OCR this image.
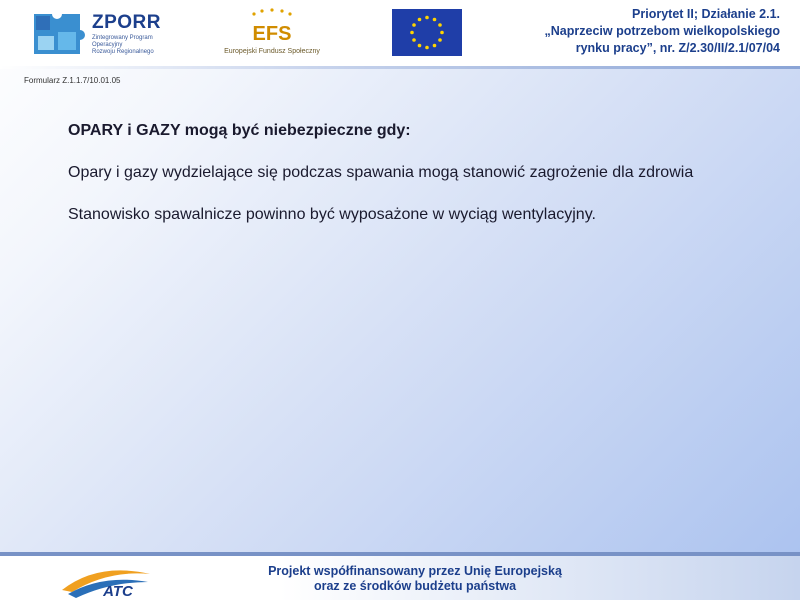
ZPORR
Zintegrowany Program
Operacyjny
Rozwoju Regionalnego
EFS
Europejski Fundusz Społeczny
Priorytet II; Działanie 2.1.
„Naprzeciw potrzebom wielkopolskiego
rynku pracy”, nr. Z/2.30/II/2.1/07/04
Formularz Z.1.1.7/10.01.05

OPARY i GAZY mogą być niebezpieczne gdy:

Opary i gazy wydzielające się podczas spawania mogą stanowić zagrożenie dla zdrowia

Stanowisko spawalnicze powinno być wyposażone w wyciąg wentylacyjny.

ATC
Projekt współfinansowany przez Unię Europejską
oraz ze środków budżetu państwa
